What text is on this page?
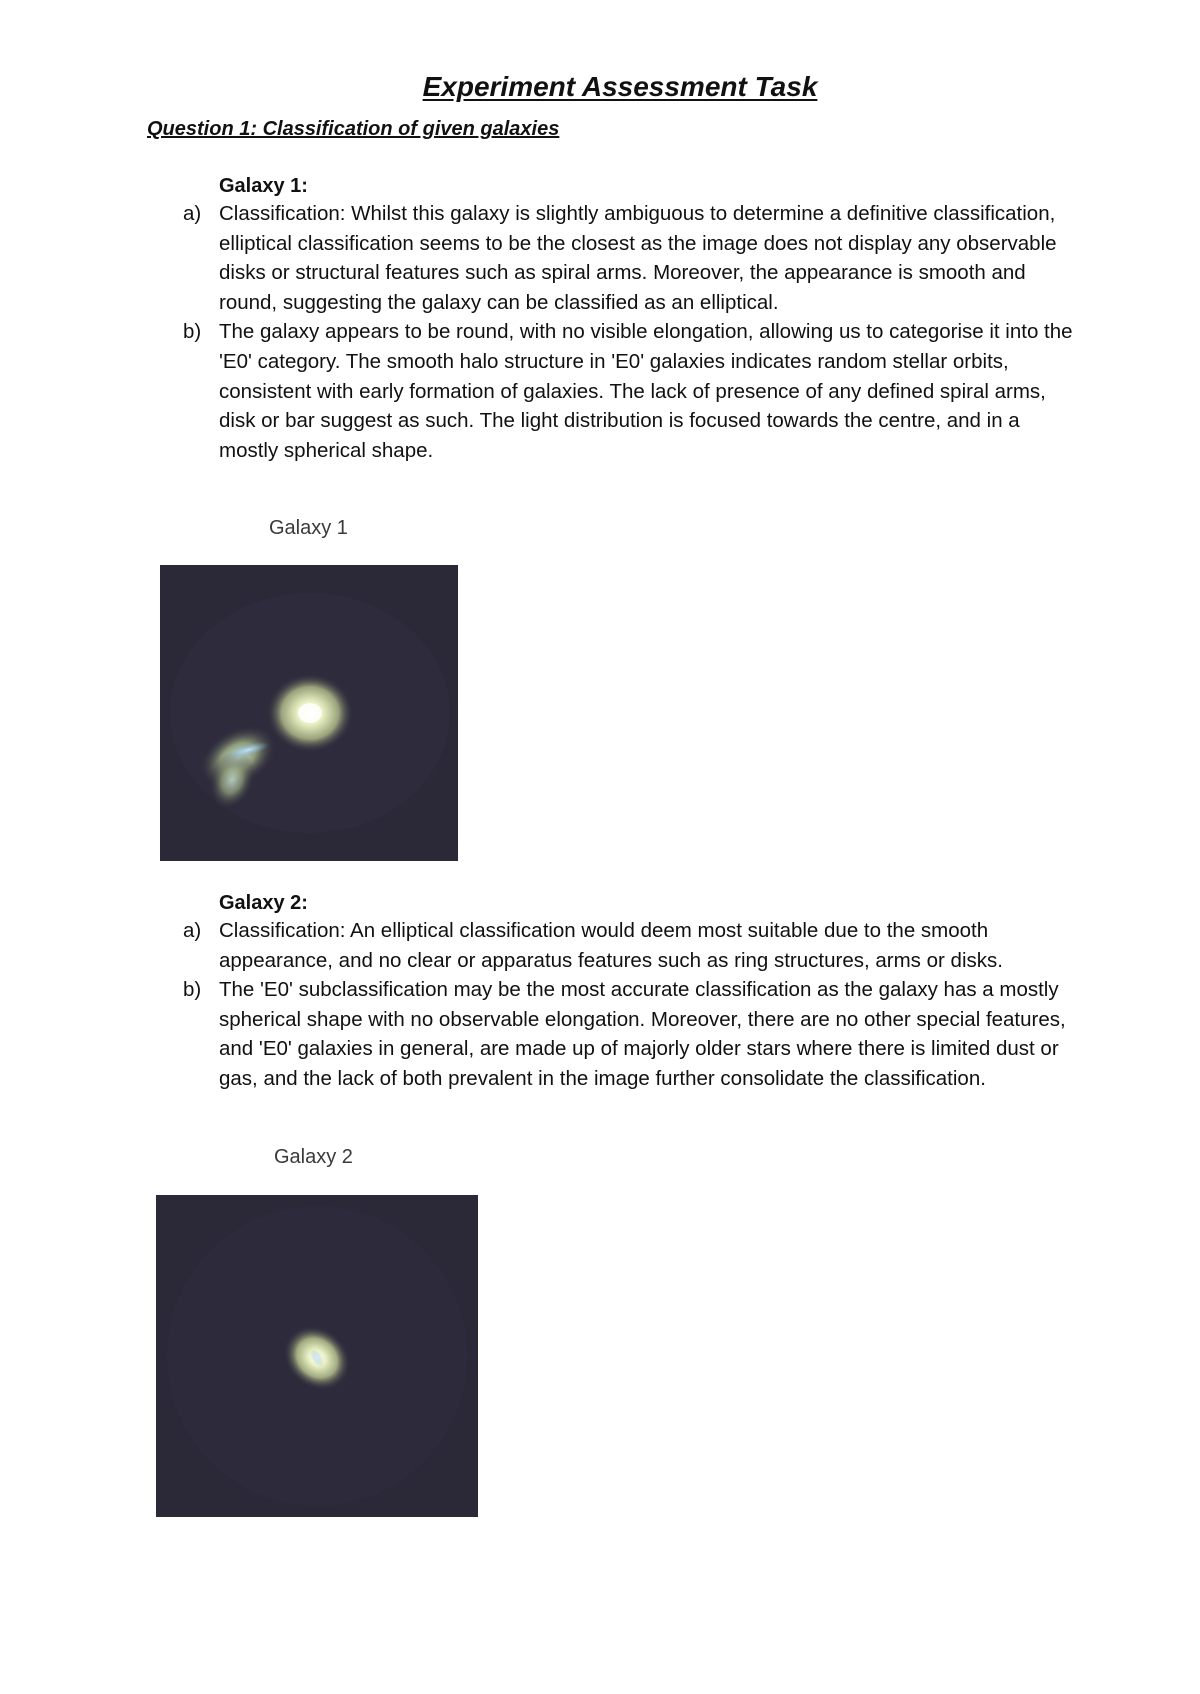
Experiment Assessment Task
Question 1: Classification of given galaxies
Galaxy 1:
a) Classification: Whilst this galaxy is slightly ambiguous to determine a definitive classification, elliptical classification seems to be the closest as the image does not display any observable disks or structural features such as spiral arms. Moreover, the appearance is smooth and round, suggesting the galaxy can be classified as an elliptical.
b) The galaxy appears to be round, with no visible elongation, allowing us to categorise it into the 'E0' category. The smooth halo structure in 'E0' galaxies indicates random stellar orbits, consistent with early formation of galaxies. The lack of presence of any defined spiral arms, disk or bar suggest as such. The light distribution is focused towards the centre, and in a mostly spherical shape.
Galaxy 1
Galaxy 2:
a) Classification: An elliptical classification would deem most suitable due to the smooth appearance, and no clear or apparatus features such as ring structures, arms or disks.
b) The 'E0' subclassification may be the most accurate classification as the galaxy has a mostly spherical shape with no observable elongation. Moreover, there are no other special features, and 'E0' galaxies in general, are made up of majorly older stars where there is limited dust or gas, and the lack of both prevalent in the image further consolidate the classification.
Galaxy 2
